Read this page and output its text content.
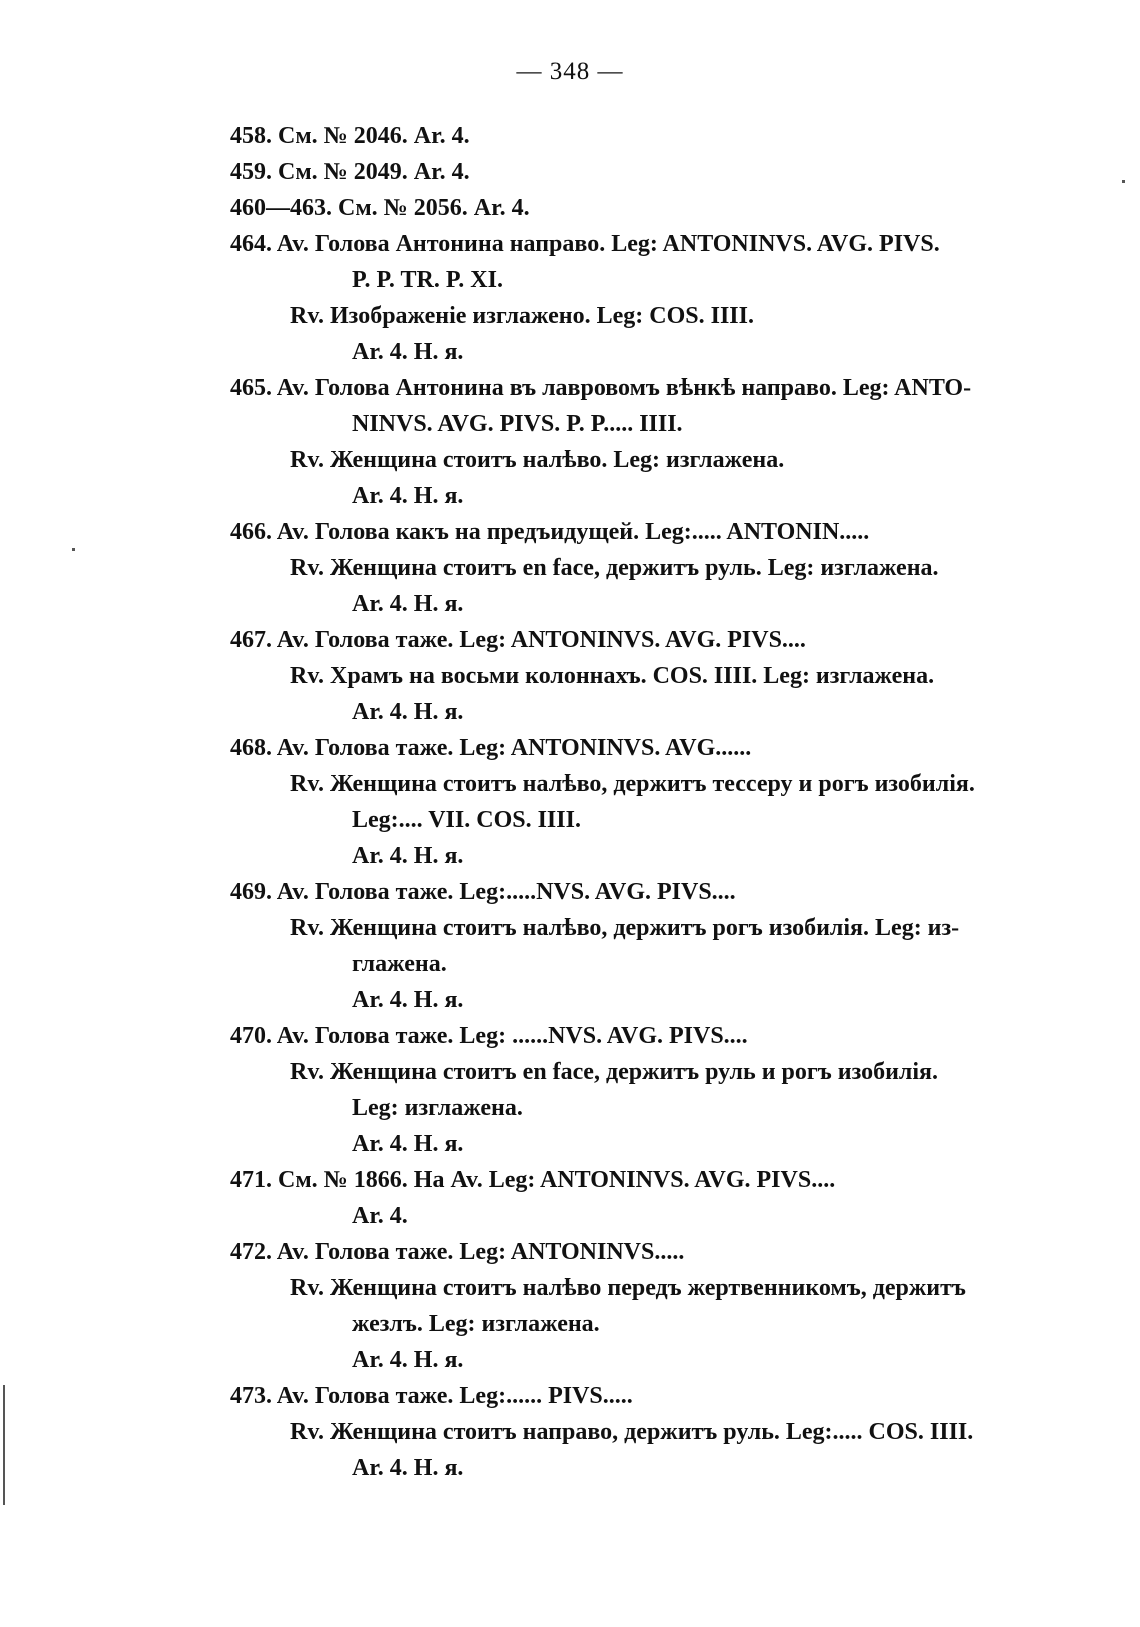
— 348 —
458. См. № 2046. Ar. 4.
459. См. № 2049. Ar. 4.
460—463. См. № 2056. Ar. 4.
464. Av. Голова Антонина направо. Leg: ANTONINVS. AVG. PIVS.
P. P. TR. P. XI.
Rv. Изображеніе изглажено. Leg: COS. IIII.
Ar. 4. H. я.
465. Av. Голова Антонина въ лавровомъ вѣнкѣ направо. Leg: ANTO-
NINVS. AVG. PIVS. P. P..... IIII.
Rv. Женщина стоитъ налѣво. Leg: изглажена.
Ar. 4. H. я.
466. Av. Голова какъ на предъидущей. Leg:..... ANTONIN.....
Rv. Женщина стоитъ en face, держитъ руль. Leg: изглажена.
Ar. 4. H. я.
467. Av. Голова таже. Leg: ANTONINVS. AVG. PIVS....
Rv. Храмъ на восьми колоннахъ. COS. IIII. Leg: изглажена.
Ar. 4. H. я.
468. Av. Голова таже. Leg: ANTONINVS. AVG......
Rv. Женщина стоитъ налѣво, держитъ тессеру и рогъ изобилія.
Leg:.... VII. COS. IIII.
Ar. 4. H. я.
469. Av. Голова таже. Leg:.....NVS. AVG. PIVS....
Rv. Женщина стоитъ налѣво, держитъ рогъ изобилія. Leg: из-
глажена.
Ar. 4. H. я.
470. Av. Голова таже. Leg: ......NVS. AVG. PIVS....
Rv. Женщина стоитъ en face, держитъ руль и рогъ изобилія.
Leg: изглажена.
Ar. 4. H. я.
471. См. № 1866. На Av. Leg: ANTONINVS. AVG. PIVS....
Ar. 4.
472. Av. Голова таже. Leg: ANTONINVS.....
Rv. Женщина стоитъ налѣво передъ жертвенникомъ, держитъ
жезлъ. Leg: изглажена.
Ar. 4. H. я.
473. Av. Голова таже. Leg:...... PIVS.....
Rv. Женщина стоитъ направо, держитъ руль. Leg:..... COS. IIII.
Ar. 4. H. я.
